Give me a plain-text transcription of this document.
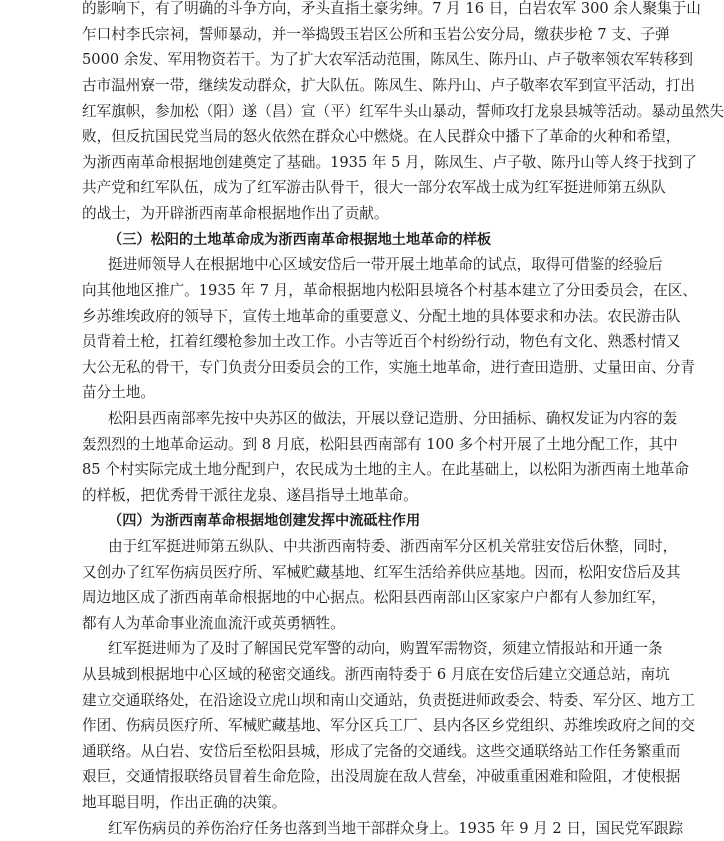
的影响下，有了明确的斗争方向，矛头直指土豪劣绅。7 月 16 日，白岩农军 300 余人聚集于山
乍口村李氏宗祠，誓师暴动，并一举捣毁玉岩区公所和玉岩公安分局，缴获步枪 7 支、子弹
5000 余发、军用物资若干。为了扩大农军活动范围，陈凤生、陈丹山、卢子敬率领农军转移到
古市温州寮一带，继续发动群众，扩大队伍。陈凤生、陈丹山、卢子敬率农军到宣平活动，打出
红军旗帜，参加松（阳）遂（昌）宣（平）红军牛头山暴动，誓师攻打龙泉县城等活动。暴动虽然失
败，但反抗国民党当局的怒火依然在群众心中燃烧。在人民群众中播下了革命的火种和希望，
为浙西南革命根据地创建奠定了基础。1935 年 5 月，陈凤生、卢子敬、陈丹山等人终于找到了
共产党和红军队伍，成为了红军游击队骨干，很大一部分农军战士成为红军挺进师第五纵队
的战士，为开辟浙西南革命根据地作出了贡献。
（三）松阳的土地革命成为浙西南革命根据地土地革命的样板
挺进师领导人在根据地中心区域安岱后一带开展土地革命的试点，取得可借鉴的经验后
向其他地区推广。1935 年 7 月，革命根据地内松阳县境各个村基本建立了分田委员会，在区、
乡苏维埃政府的领导下，宣传土地革命的重要意义、分配土地的具体要求和办法。农民游击队
员背着土枪，扛着红缨枪参加土改工作。小吉等近百个村纷纷行动，物色有文化、熟悉村情又
大公无私的骨干，专门负责分田委员会的工作，实施土地革命，进行查田造册、丈量田亩、分青
苗分土地。
松阳县西南部率先按中央苏区的做法，开展以登记造册、分田插标、确权发证为内容的轰
轰烈烈的土地革命运动。到 8 月底，松阳县西南部有 100 多个村开展了土地分配工作，其中
85 个村实际完成土地分配到户，农民成为土地的主人。在此基础上，以松阳为浙西南土地革命
的样板，把优秀骨干派往龙泉、遂昌指导土地革命。
（四）为浙西南革命根据地创建发挥中流砥柱作用
由于红军挺进师第五纵队、中共浙西南特委、浙西南军分区机关常驻安岱后休整，同时，
又创办了红军伤病员医疗所、军械贮藏基地、红军生活给养供应基地。因而，松阳安岱后及其
周边地区成了浙西南革命根据地的中心据点。松阳县西南部山区家家户户都有人参加红军，
都有人为革命事业流血流汗或英勇牺牲。
红军挺进师为了及时了解国民党军警的动向，购置军需物资，须建立情报站和开通一条
从县城到根据地中心区域的秘密交通线。浙西南特委于 6 月底在安岱后建立交通总站，南坑
建立交通联络处，在沿途设立虎山坝和南山交通站，负责挺进师政委会、特委、军分区、地方工
作团、伤病员医疗所、军械贮藏基地、军分区兵工厂、县内各区乡党组织、苏维埃政府之间的交
通联络。从白岩、安岱后至松阳县城，形成了完备的交通线。这些交通联络站工作任务繁重而
艰巨，交通情报联络员冒着生命危险，出没周旋在敌人营垒，冲破重重困难和险阻，才使根据
地耳聪目明，作出正确的决策。
红军伤病员的养伤治疗任务也落到当地干部群众身上。1935 年 9 月 2 日，国民党军跟踪
